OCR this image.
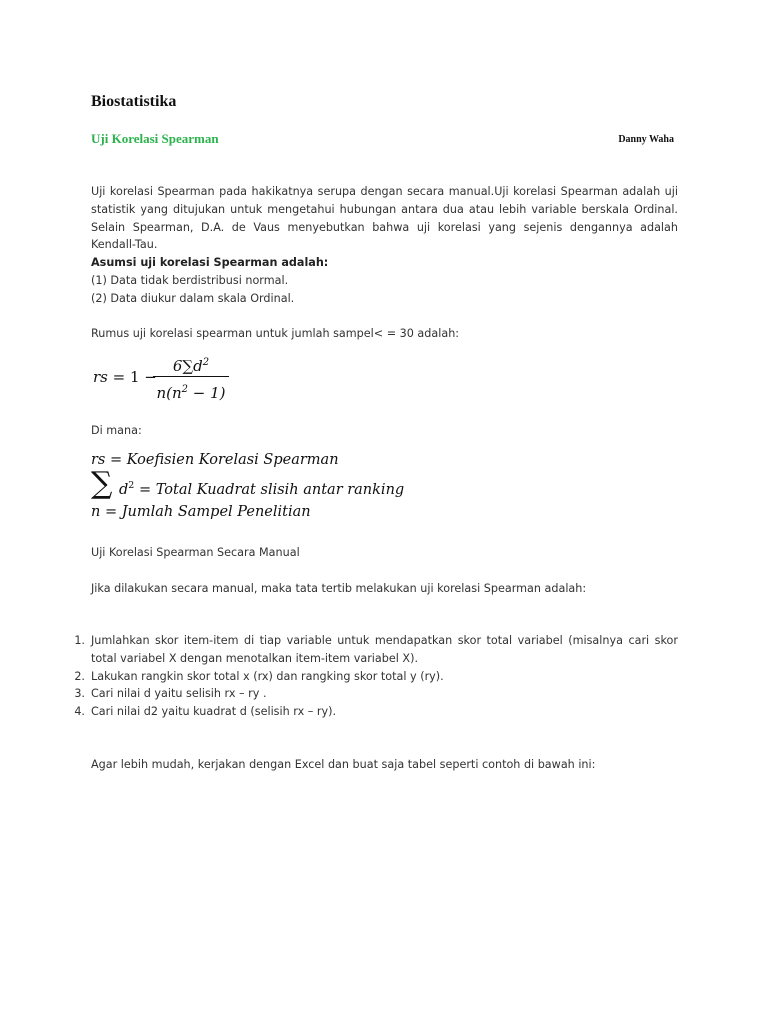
Biostatistika
Uji Korelasi Spearman	Danny Waha

Uji korelasi Spearman pada hakikatnya serupa dengan secara manual.Uji korelasi Spearman adalah uji statistik yang ditujukan untuk mengetahui hubungan antara dua atau lebih variable berskala Ordinal. Selain Spearman, D.A. de Vaus menyebutkan bahwa uji korelasi yang sejenis dengannya adalah Kendall-Tau.

Asumsi uji korelasi Spearman adalah:
(1) Data tidak berdistribusi normal.
(2) Data diukur dalam skala Ordinal.
Rumus uji korelasi spearman untuk jumlah sampel< = 30 adalah:
rs = 1 −
$6\sum d^2$
$n(n^2 - 1)$
Di mana:
rs = Koefisien Korelasi Spearman
∑ $d^2$ = Total Kuadrat slisih antar ranking
n = Jumlah Sampel Penelitian
Uji Korelasi Spearman Secara Manual
Jika dilakukan secara manual, maka tata tertib melakukan uji korelasi Spearman adalah:
1. Jumlahkan skor item-item di tiap variable untuk mendapatkan skor total variabel (misalnya cari skor total variabel X dengan menotalkan item-item variabel X).
2. Lakukan rangkin skor total x (rx) dan rangking skor total y (ry).
3. Cari nilai d yaitu selisih rx – ry .
4. Cari nilai d2 yaitu kuadrat d (selisih rx – ry).
Agar lebih mudah, kerjakan dengan Excel dan buat saja tabel seperti contoh di bawah ini:
